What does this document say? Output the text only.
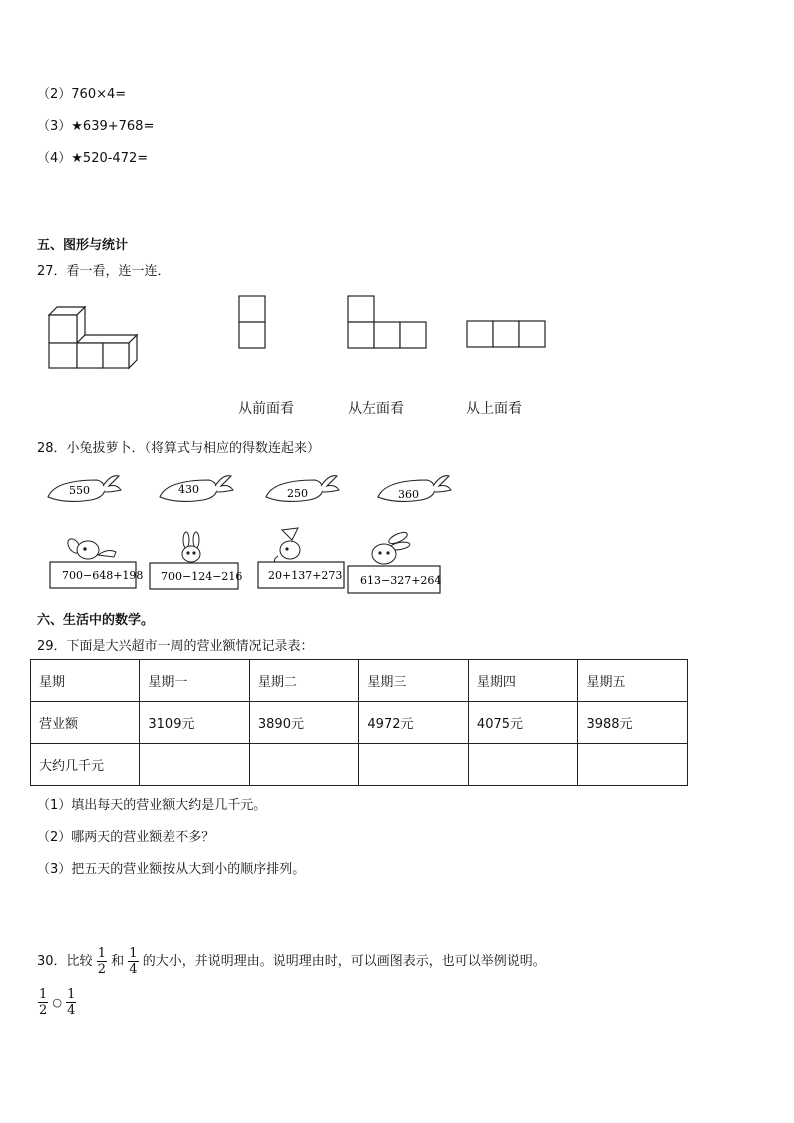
（2）760×4=
（3）★639+768=
（4）★520-472=
五、图形与统计
27．看一看，连一连．
从前面看	从左面看	从上面看
28．小兔拔萝卜．（将算式与相应的得数连起来）
550	430	250	360
700−648+198 700−124−216 20+137+273 613−327+264
六、生活中的数学。
29．下面是大兴超市一周的营业额情况记录表：
星期	星期一	星期二	星期三	星期四	星期五
营业额	3109元	3890元	4972元	4075元	3988元
大约几千元					
（1）填出每天的营业额大约是几千元。
（2）哪两天的营业额差不多？
（3）把五天的营业额按从大到小的顺序排列。
30．比较 $\frac{1}{2}$ 和 $\frac{1}{4}$ 的大小，并说明理由。说明理由时，可以画图表示，也可以举例说明。
$\frac{1}{2}$ ○ $\frac{1}{4}$
